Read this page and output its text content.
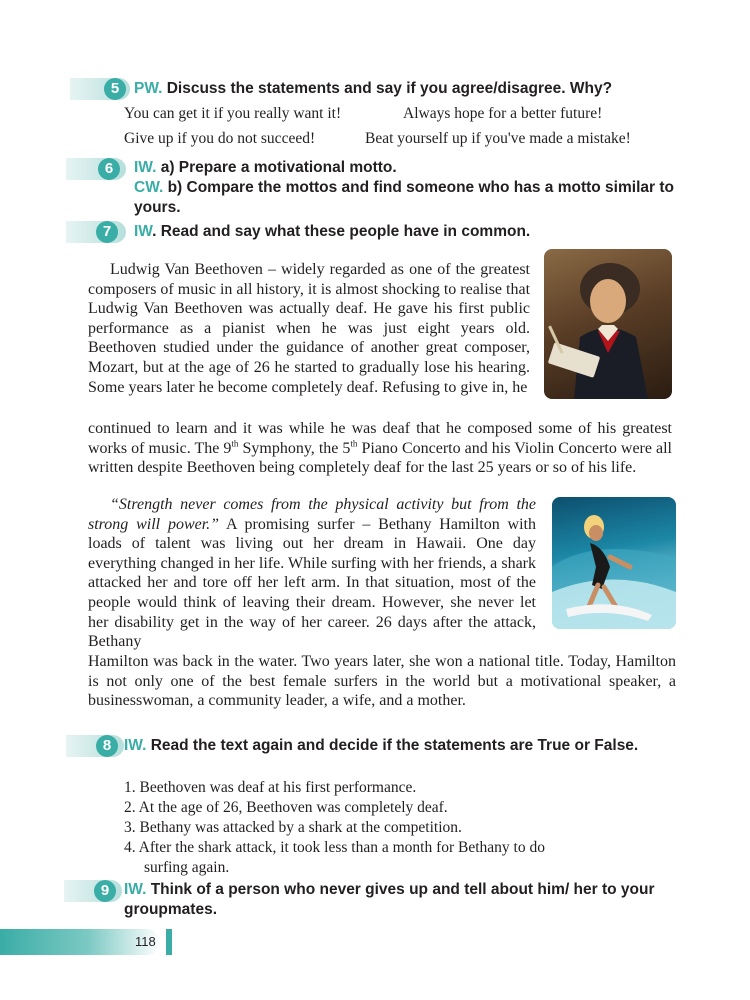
5 PW. Discuss the statements and say if you agree/disagree. Why?
You can get it if you really want it!	Always hope for a better future!
Give up if you do not succeed!	Beat yourself up if you've made a mistake!
6	IW. a) Prepare a motivational motto.
CW. b) Compare the mottos and find someone who has a motto similar to yours.
7	IW. Read and say what these people have in common.
Ludwig Van Beethoven – widely regarded as one of the greatest composers of music in all history, it is almost shocking to realise that Ludwig Van Beethoven was actually deaf. He gave his first public performance as a pianist when he was just eight years old. Beethoven studied under the guidance of another great composer, Mozart, but at the age of 26 he started to gradually lose his hearing. Some years later he become completely deaf. Refusing to give in, he
continued to learn and it was while he was deaf that he composed some of his greatest works of music. The 9th Symphony, the 5th Piano Concerto and his Violin Concerto were all written despite Beethoven being completely deaf for the last 25 years or so of his life.
“Strength never comes from the physical activity but from the strong will power.” A promising surfer – Bethany Hamilton with loads of talent was living out her dream in Hawaii. One day everything changed in her life. While surfing with her friends, a shark attacked her and tore off her left arm. In that situation, most of the people would think of leaving their dream. However, she never let her disability get in the way of her career. 26 days after the attack, Bethany
Hamilton was back in the water. Two years later, she won a national title. Today, Hamilton is not only one of the best female surfers in the world but a motivational speaker, a businesswoman, a community leader, a wife, and a mother.
8 IW. Read the text again and decide if the statements are True or False.
1. Beethoven was deaf at his first performance.
2. At the age of 26, Beethoven was completely deaf.
3. Bethany was attacked by a shark at the competition.
4. After the shark attack, it took less than a month for Bethany to do
surfing again.
9 IW. Think of a person who never gives up and tell about him/ her to your groupmates.
118
